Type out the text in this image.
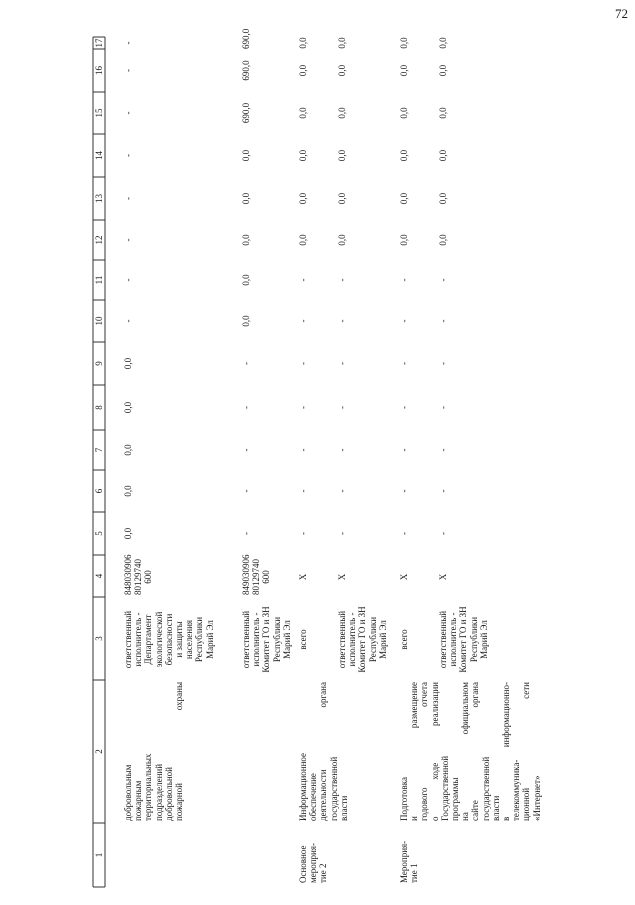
72
1
2
3
4
5
6
7
8
9
10
11
12
13
14
15
16
17
добровольным пожарным территориальных подразделений добровольной пожарной охраны
ответственный исполнитель - Департамент экологической безопасности и защиты населения Республики Марий Эл
848030906 80129740 600
0,0
0,0
0,0
0,0
0,0
-
-
-
-
-
-
-
-
ответственный исполнитель - Комитет ГО и ЗН Республики Марий Эл
849030906 80129740 600
-
-
-
-
-
0,0
0,0
0,0
0,0
0,0
690,0
690,0
690,0
Основное мероприя- тие 2
Информационное обеспечение деятельности органа государственной власти
всего
Х
-
-
-
-
-
-
-
0,0
0,0
0,0
0,0
0,0
0,0
ответственный исполнитель - Комитет ГО и ЗН Республики Марий Эл
Х
-
-
-
-
-
-
-
0,0
0,0
0,0
0,0
0,0
0,0
Мероприя- тие 1
Подготовка и размещение годового отчета о ходе реализации Государственной программы на официальном сайте органа государственной власти в информационно- телекоммуника- ционной сети «Интернет»
всего
Х
-
-
-
-
-
-
-
0,0
0,0
0,0
0,0
0,0
0,0
ответственный исполнитель - Комитет ГО и ЗН Республики Марий Эл
Х
-
-
-
-
-
-
-
0,0
0,0
0,0
0,0
0,0
0,0
